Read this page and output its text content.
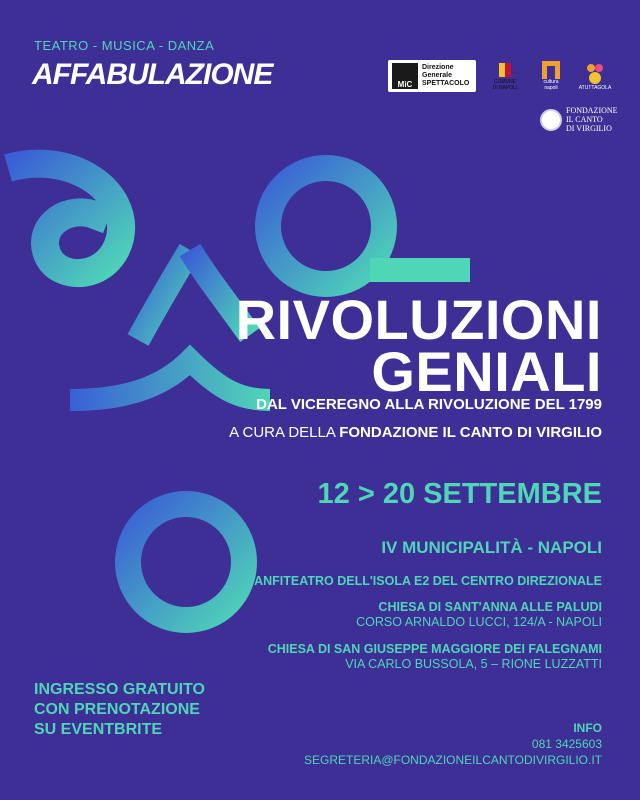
TEATRO - MUSICA - DANZA
AFFABULAZIONE	MiC
Direzione
Generale
SPETTACOLO	COMUNE DI NAPOLI
cultura napoli	ATUTTAGOLA
FONDAZIONE
IL CANTO
DI VIRGILIO
RIVOLUZIONI
GENIALI
DAL VICEREGNO ALLA RIVOLUZIONE DEL 1799
A CURA DELLA FONDAZIONE IL CANTO DI VIRGILIO
12 > 20 SETTEMBRE
IV MUNICIPALITÀ - NAPOLI
ANFITEATRO DELL'ISOLA E2 DEL CENTRO DIREZIONALE
CHIESA DI SANT'ANNA ALLE PALUDI
CORSO ARNALDO LUCCI, 124/A - NAPOLI
CHIESA DI SAN GIUSEPPE MAGGIORE DEI FALEGNAMI
VIA CARLO BUSSOLA, 5 – RIONE LUZZATTI
INGRESSO GRATUITO
CON PRENOTAZIONE
SU EVENTBRITE	INFO
081 3425603
SEGRETERIA@FONDAZIONEILCANTODIVIRGILIO.IT
